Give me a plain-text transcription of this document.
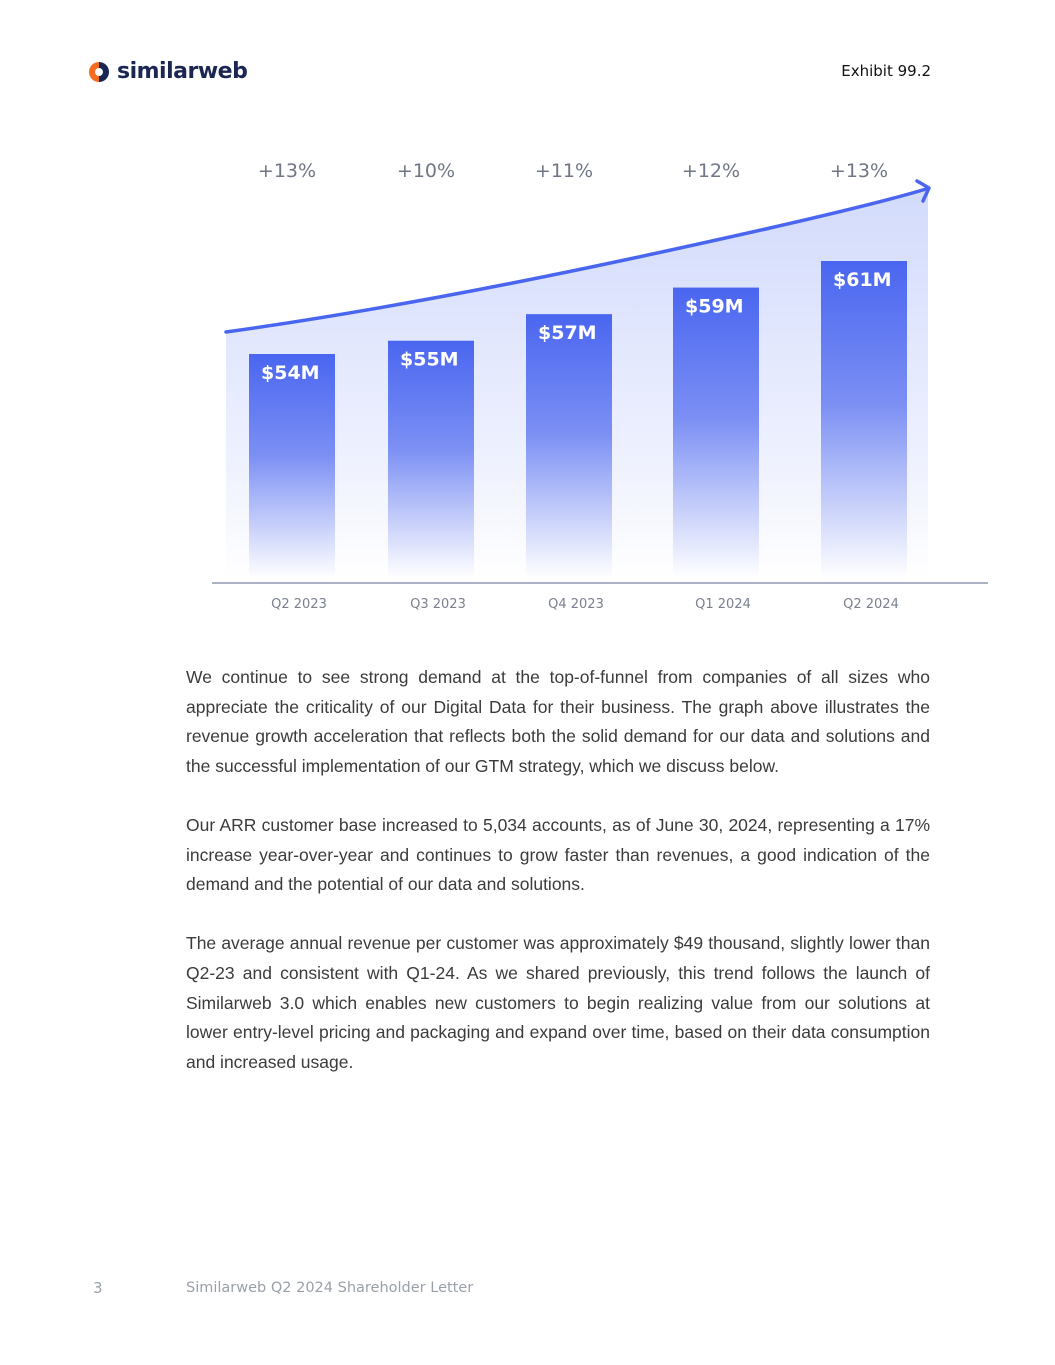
similarweb	Exhibit 99.2
$54M
+13%
Q2 2023
$55M
+10%
Q3 2023
$57M
+11%
Q4 2023
$59M
+12%
Q1 2024
$61M
+13%
Q2 2024

We continue to see strong demand at the top-of-funnel from companies of all sizes who appreciate the criticality of our Digital Data for their business. The graph above illustrates the revenue growth acceleration that reflects both the solid demand for our data and solutions and the successful implementation of our GTM strategy, which we discuss below.

Our ARR customer base increased to 5,034 accounts, as of June 30, 2024, representing a 17% increase year-over-year and continues to grow faster than revenues, a good indication of the demand and the potential of our data and solutions.

The average annual revenue per customer was approximately $49 thousand, slightly lower than Q2-23 and consistent with Q1-24. As we shared previously, this trend follows the launch of Similarweb 3.0 which enables new customers to begin realizing value from our solutions at lower entry-level pricing and packaging and expand over time, based on their data consumption and increased usage.

3	Similarweb Q2 2024 Shareholder Letter
